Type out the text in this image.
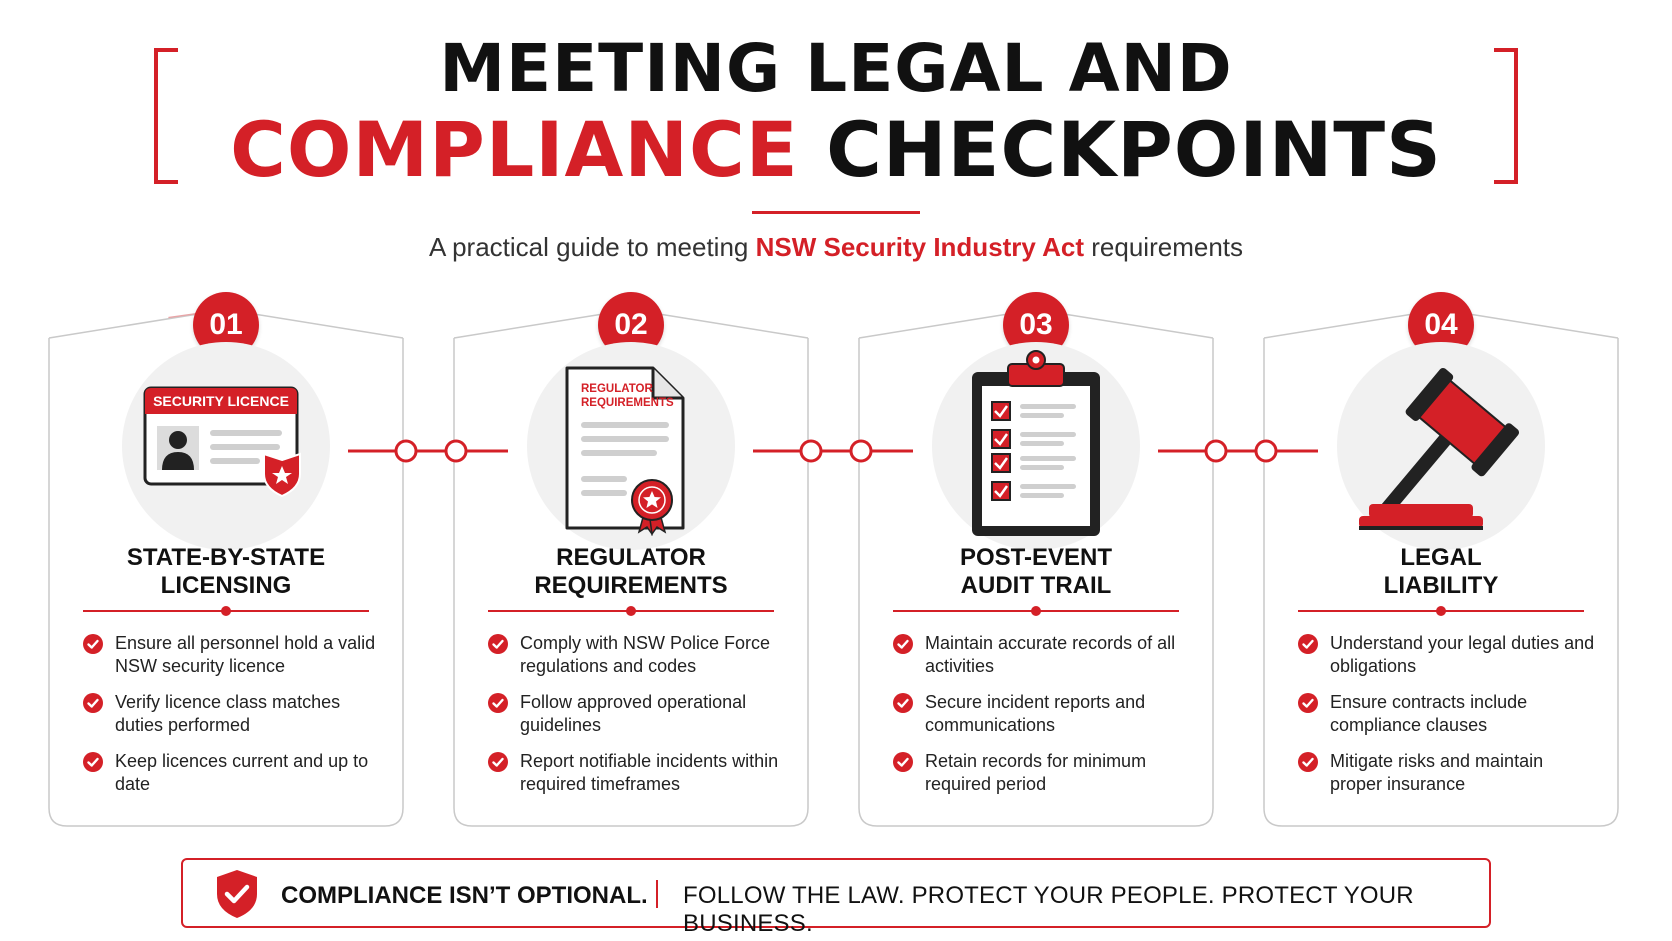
MEETING LEGAL AND
COMPLIANCE CHECKPOINTS
A practical guide to meeting NSW Security Industry Act requirements
01
SECURITY LICENCE
STATE-BY-STATE
LICENSING
Ensure all personnel hold a valid NSW security licence
Verify licence class matches duties performed
Keep licences current and up to date
02
REGULATOR
REQUIREMENTS
REGULATOR
REQUIREMENTS
Comply with NSW Police Force regulations and codes
Follow approved operational guidelines
Report notifiable incidents within required timeframes
03
POST-EVENT
AUDIT TRAIL
Maintain accurate records of all activities
Secure incident reports and communications
Retain records for minimum required period
04
LEGAL
LIABILITY
Understand your legal duties and obligations
Ensure contracts include compliance clauses
Mitigate risks and maintain proper insurance
COMPLIANCE ISN’T OPTIONAL. FOLLOW THE LAW. PROTECT YOUR PEOPLE. PROTECT YOUR BUSINESS.
